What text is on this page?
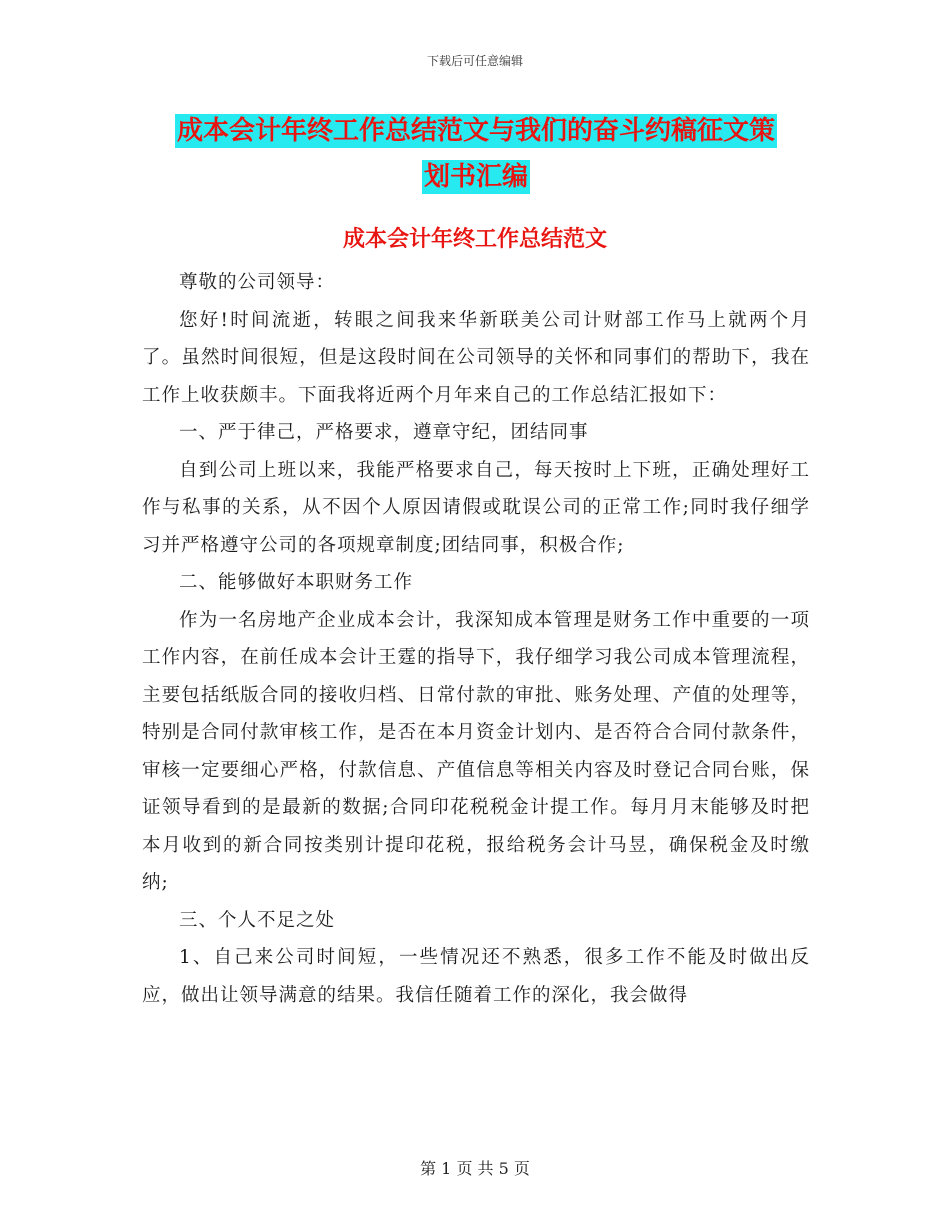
下载后可任意编辑
成本会计年终工作总结范文与我们的奋斗约稿征文策
划书汇编
成本会计年终工作总结范文

尊敬的公司领导：

您好!时间流逝，转眼之间我来华新联美公司计财部工作马上就两个月了。虽然时间很短，但是这段时间在公司领导的关怀和同事们的帮助下，我在工作上收获颇丰。下面我将近两个月年来自己的工作总结汇报如下：

一、严于律己，严格要求，遵章守纪，团结同事

自到公司上班以来，我能严格要求自己，每天按时上下班，正确处理好工作与私事的关系，从不因个人原因请假或耽误公司的正常工作;同时我仔细学习并严格遵守公司的各项规章制度;团结同事，积极合作;

二、能够做好本职财务工作

作为一名房地产企业成本会计，我深知成本管理是财务工作中重要的一项工作内容，在前任成本会计王霆的指导下，我仔细学习我公司成本管理流程，主要包括纸版合同的接收归档、日常付款的审批、账务处理、产值的处理等，特别是合同付款审核工作，是否在本月资金计划内、是否符合合同付款条件，审核一定要细心严格，付款信息、产值信息等相关内容及时登记合同台账，保证领导看到的是最新的数据;合同印花税税金计提工作。每月月末能够及时把本月收到的新合同按类别计提印花税，报给税务会计马昱，确保税金及时缴纳;

三、个人不足之处

1、自己来公司时间短，一些情况还不熟悉，很多工作不能及时做出反应，做出让领导满意的结果。我信任随着工作的深化，我会做得

第 1 页 共 5 页
